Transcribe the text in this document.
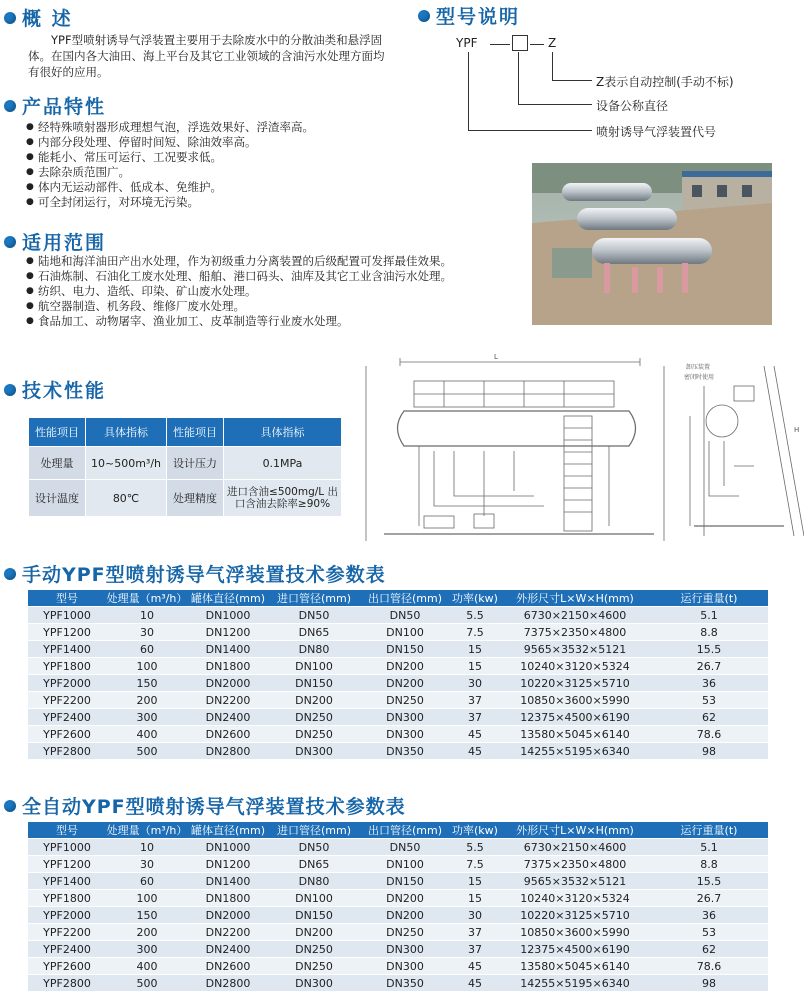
概 述
YPF型喷射诱导气浮装置主要用于去除废水中的分散油类和悬浮固体。在国内各大油田、海上平台及其它工业领域的含油污水处理方面均有很好的应用。
产品特性
● 经特殊喷射器形成理想气泡，浮选效果好、浮渣率高。
● 内部分段处理、停留时间短、除油效率高。
● 能耗小、常压可运行、工况要求低。
● 去除杂质范围广。
● 体内无运动部件、低成本、免维护。
● 可全封闭运行，对环境无污染。
适用范围
● 陆地和海洋油田产出水处理，作为初级重力分离装置的后级配置可发挥最佳效果。
● 石油炼制、石油化工废水处理、船舶、港口码头、油库及其它工业含油污水处理。
● 纺织、电力、造纸、印染、矿山废水处理。
● 航空器制造、机务段、维修厂废水处理。
● 食品加工、动物屠宰、渔业加工、皮革制造等行业废水处理。
型号说明
YPF	Z
Z表示自动控制(手动不标)
设备公称直径
喷射诱导气浮装置代号
技术性能
性能项目	具体指标	性能项目	具体指标
处理量	10~500m³/h	设计压力	0.1MPa
设计温度	80℃	处理精度	进口含油≤500mg/L 出口含油去除率≥90%
L
H
卸压装置
密闭时使用
手动YPF型喷射诱导气浮装置技术参数表
型号	处理量（m³/h）	罐体直径(mm)	进口管径(mm)	出口管径(mm)	功率(kw)	外形尺寸L×W×H(mm)	运行重量(t)
YPF1000	10	DN1000	DN50	DN50	5.5	6730×2150×4600	5.1
YPF1200	30	DN1200	DN65	DN100	7.5	7375×2350×4800	8.8
YPF1400	60	DN1400	DN80	DN150	15	9565×3532×5121	15.5
YPF1800	100	DN1800	DN100	DN200	15	10240×3120×5324	26.7
YPF2000	150	DN2000	DN150	DN200	30	10220×3125×5710	36
YPF2200	200	DN2200	DN200	DN250	37	10850×3600×5990	53
YPF2400	300	DN2400	DN250	DN300	37	12375×4500×6190	62
YPF2600	400	DN2600	DN250	DN300	45	13580×5045×6140	78.6
YPF2800	500	DN2800	DN300	DN350	45	14255×5195×6340	98
全自动YPF型喷射诱导气浮装置技术参数表
型号	处理量（m³/h）	罐体直径(mm)	进口管径(mm)	出口管径(mm)	功率(kw)	外形尺寸L×W×H(mm)	运行重量(t)
YPF1000	10	DN1000	DN50	DN50	5.5	6730×2150×4600	5.1
YPF1200	30	DN1200	DN65	DN100	7.5	7375×2350×4800	8.8
YPF1400	60	DN1400	DN80	DN150	15	9565×3532×5121	15.5
YPF1800	100	DN1800	DN100	DN200	15	10240×3120×5324	26.7
YPF2000	150	DN2000	DN150	DN200	30	10220×3125×5710	36
YPF2200	200	DN2200	DN200	DN250	37	10850×3600×5990	53
YPF2400	300	DN2400	DN250	DN300	37	12375×4500×6190	62
YPF2600	400	DN2600	DN250	DN300	45	13580×5045×6140	78.6
YPF2800	500	DN2800	DN300	DN350	45	14255×5195×6340	98
